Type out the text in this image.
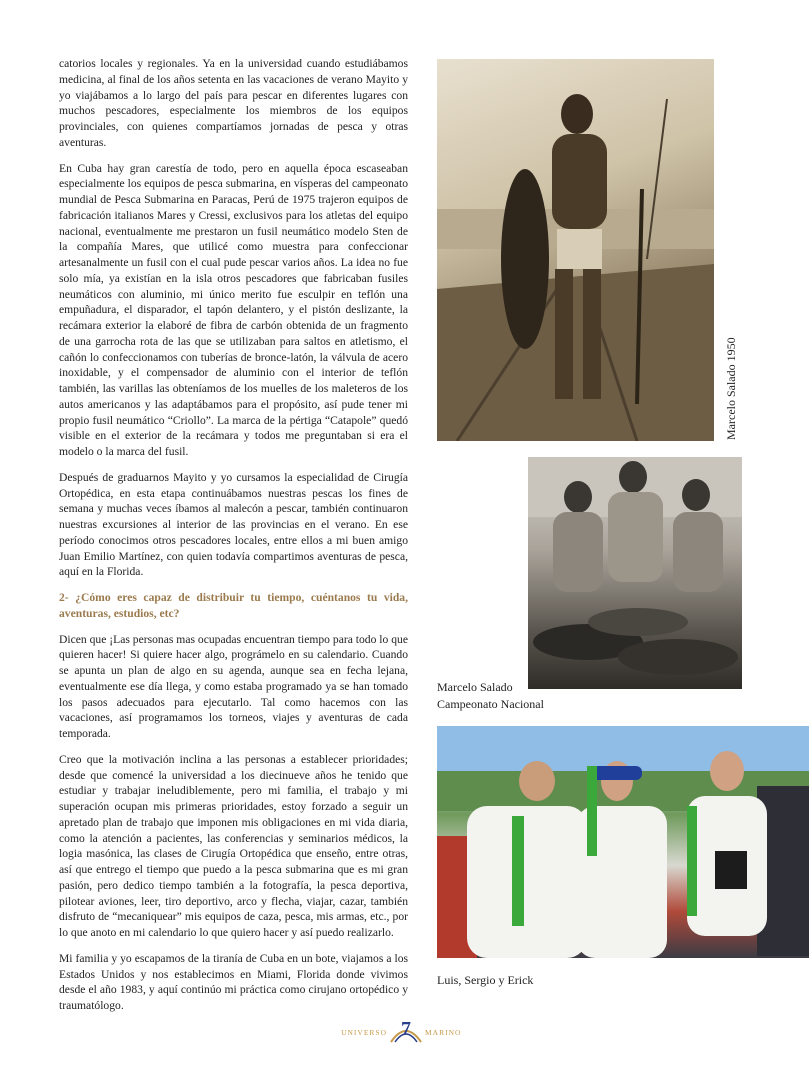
catorios locales y regionales. Ya en la universidad cuando estudiábamos medicina, al final de los años setenta en las vacaciones de verano Mayito y yo viajábamos a lo largo del país para pescar en diferentes lugares con muchos pescadores, especialmente los miembros de los equipos provinciales, con quienes compartíamos jornadas de pesca y otras aventuras.

En Cuba hay gran carestía de todo, pero en aquella época escaseaban especialmente los equipos de pesca submarina, en vísperas del campeonato mundial de Pesca Submarina en Paracas, Perú de 1975 trajeron equipos de fabricación italianos Mares y Cressi, exclusivos para los atletas del equipo nacional, eventualmente me prestaron un fusil neumático modelo Sten de la compañía Mares, que utilicé como muestra para confeccionar artesanalmente un fusil con el cual pude pescar varios años. La idea no fue solo mía, ya existían en la isla otros pescadores que fabricaban fusiles neumáticos con aluminio, mi único merito fue esculpir en teflón una empuñadura, el disparador, el tapón delantero, y el pistón deslizante, la recámara exterior la elaboré de fibra de carbón obtenida de un fragmento de una garrocha rota de las que se utilizaban para saltos en atletismo, el cañón lo confeccionamos con tuberías de bronce-latón, la válvula de acero inoxidable, y el compensador de aluminio con el interior de teflón también, las varillas las obteníamos de los muelles de los maleteros de los autos americanos y las adaptábamos para el propósito, así pude tener mi propio fusil neumático “Criollo”. La marca de la pértiga “Catapole” quedó visible en el exterior de la recámara y todos me preguntaban si era el modelo o la marca del fusil.

Después de graduarnos Mayito y yo cursamos la especialidad de Cirugía Ortopédica, en esta etapa continuábamos nuestras pescas los fines de semana y muchas veces íbamos al malecón a pescar, también continuaron nuestras excursiones al interior de las provincias en el verano. En ese período conocimos otros pescadores locales, entre ellos a mi buen amigo Juan Emilio Martínez, con quien todavía compartimos aventuras de pesca, aquí en la Florida.

2- ¿Cómo eres capaz de distribuir tu tiempo, cuéntanos tu vida, aventuras, estudios, etc?

Dicen que ¡Las personas mas ocupadas encuentran tiempo para todo lo que quieren hacer! Si quiere hacer algo, prográmelo en su calendario. Cuando se apunta un plan de algo en su agenda, aunque sea en fecha lejana, eventualmente ese día llega, y como estaba programado ya se han tomado los pasos adecuados para ejecutarlo. Tal como hacemos con las vacaciones, así programamos los torneos, viajes y aventuras de cada temporada.

Creo que la motivación inclina a las personas a establecer prioridades; desde que comencé la universidad a los diecinueve años he tenido que estudiar y trabajar ineludiblemente, pero mi familia, el trabajo y mi superación ocupan mis primeras prioridades, estoy forzado a seguir un apretado plan de trabajo que imponen mis obligaciones en mi vida diaria, como la atención a pacientes, las conferencias y seminarios médicos, la logia masónica, las clases de Cirugía Ortopédica que enseño, entre otras, así que entrego el tiempo que puedo a la pesca submarina que es mi gran pasión, pero dedico tiempo también a la fotografía, la pesca deportiva, pilotear aviones, leer, tiro deportivo, arco y flecha, viajar, cazar, también disfruto de “mecaniquear” mis equipos de caza, pesca, mis armas, etc., por lo que anoto en mi calendario lo que quiero hacer y así puedo realizarlo.

Mi familia y yo escapamos de la tiranía de Cuba en un bote, viajamos a los Estados Unidos y nos establecimos en Miami, Florida donde vivimos desde el año 1983, y aquí continúo mi práctica como cirujano ortopédico y traumatólogo.

Marcelo Salado 1950
Marcelo Salado
Campeonato Nacional
Luis, Sergio y Erick
UNIVERSO 7	MARINO
